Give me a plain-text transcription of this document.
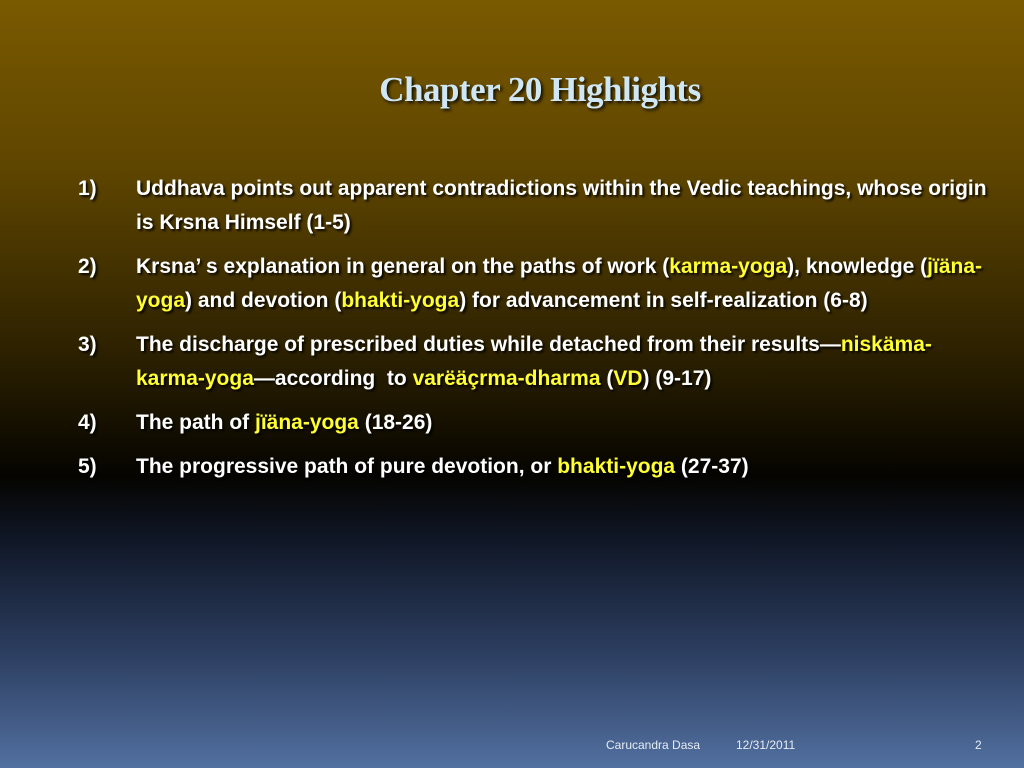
Chapter 20 Highlights
1)	Uddhava points out apparent contradictions within the Vedic teachings, whose origin is Krsna Himself (1-5)
2)	Krsna’ s explanation in general on the paths of work (karma-yoga), knowledge (jïäna-yoga) and devotion (bhakti-yoga) for advancement in self-realization (6-8)
3)	The discharge of prescribed duties while detached from their results—niskäma-karma-yoga—according  to varëäçrma-dharma (VD) (9-17)
4)	The path of jïäna-yoga (18-26)
5)	The progressive path of pure devotion, or bhakti-yoga (27-37)
Carucandra Dasa	12/31/2011	2
